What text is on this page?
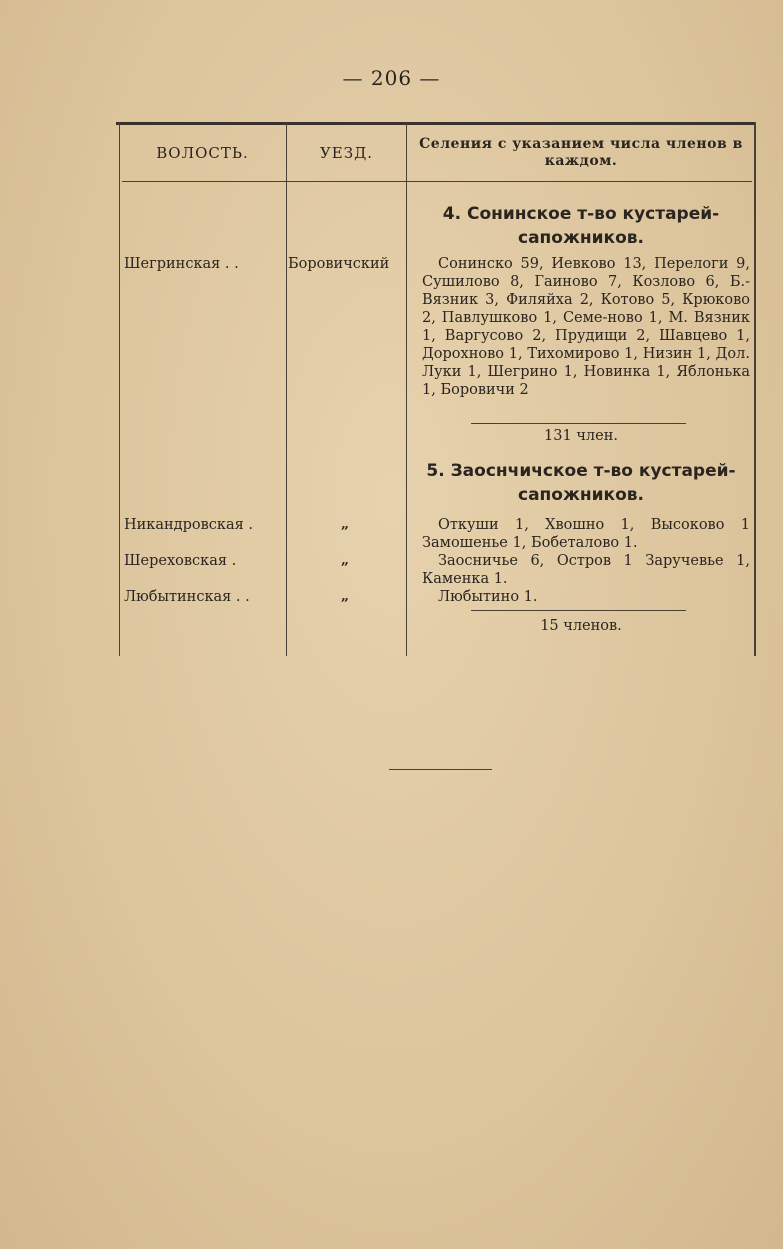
— 206 —
ВОЛОСТЬ.	УЕЗД.	Селения с указанием числа членов в каждом.
4. Сонинское т-во кустарей-
сапожников.
Шегринская . .	Боровичский	Сонинско 59, Иевково 13, Перелоги 9, Сушилово 8, Гаиново 7, Козлово 6, Б.-Вязник 3, Филяйха 2, Котово 5, Крюково 2, Павлушково 1, Семе-ново 1, М. Вязник 1, Варгусово 2, Прудищи 2, Шавцево 1, Дорохново 1, Тихомирово 1, Низин 1, Дол. Луки 1, Шегрино 1, Новинка 1, Яблонька 1, Боровичи 2
131 член.
5. Заоснчичское т-во кустарей-
сапожников.
Никандровская .	„	Откуши 1, Хвошно 1, Высоково 1 Замошенье 1, Бобеталово 1.
Шереховская .	„	Заосничье 6, Остров 1 Заручевье 1, Каменка 1.
Любытинская . .	„	Любытино 1.
15 членов.
